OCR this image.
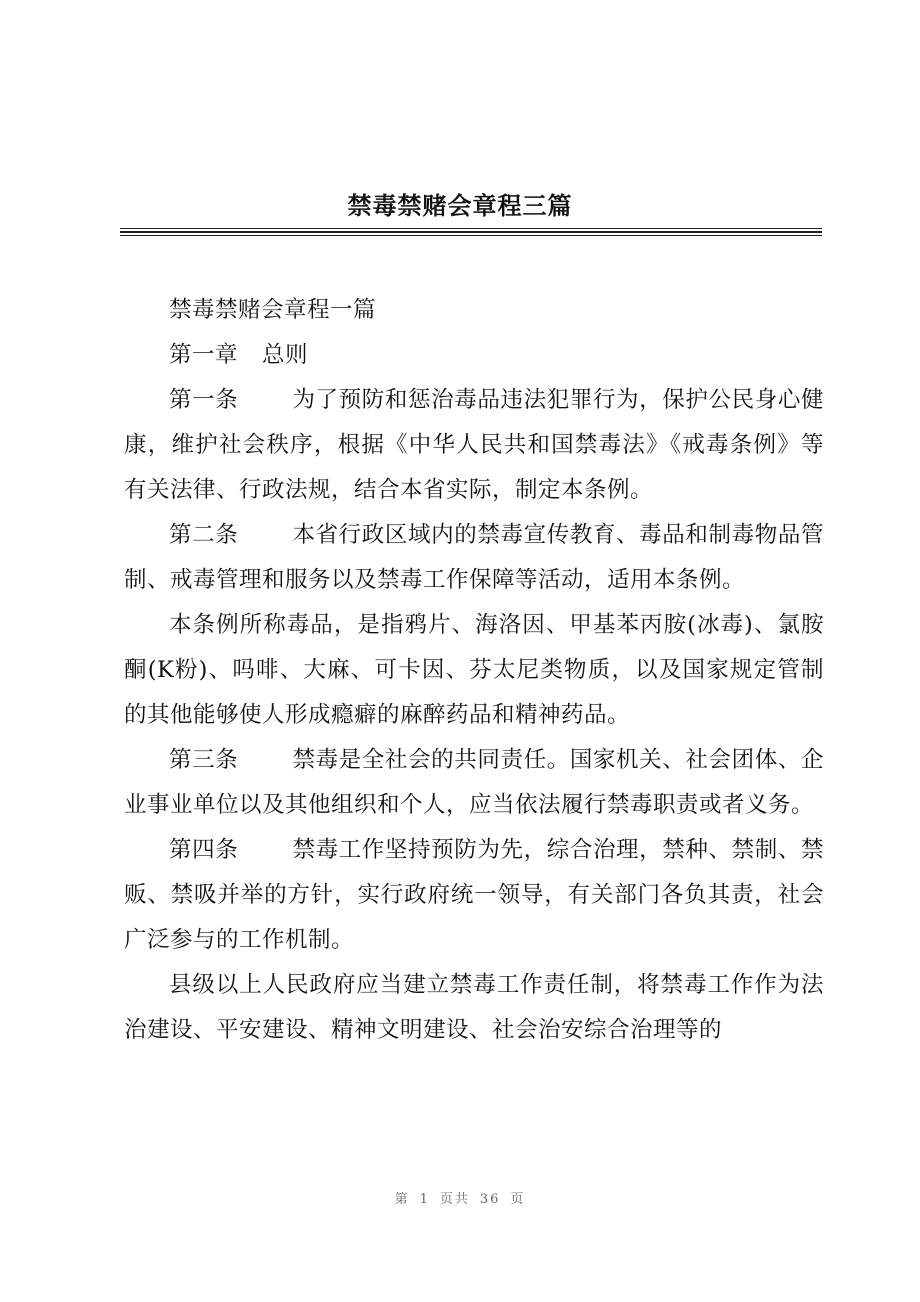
禁毒禁赌会章程三篇

禁毒禁赌会章程一篇

第一章 总则

第一条 为了预防和惩治毒品违法犯罪行为，保护公民身心健康，维护社会秩序，根据《中华人民共和国禁毒法》《戒毒条例》等有关法律、行政法规，结合本省实际，制定本条例。

第二条 本省行政区域内的禁毒宣传教育、毒品和制毒物品管制、戒毒管理和服务以及禁毒工作保障等活动，适用本条例。

本条例所称毒品，是指鸦片、海洛因、甲基苯丙胺(冰毒)、氯胺酮(K粉)、吗啡、大麻、可卡因、芬太尼类物质，以及国家规定管制的其他能够使人形成瘾癖的麻醉药品和精神药品。

第三条 禁毒是全社会的共同责任。国家机关、社会团体、企业事业单位以及其他组织和个人，应当依法履行禁毒职责或者义务。

第四条 禁毒工作坚持预防为先，综合治理，禁种、禁制、禁贩、禁吸并举的方针，实行政府统一领导，有关部门各负其责，社会广泛参与的工作机制。

县级以上人民政府应当建立禁毒工作责任制，将禁毒工作作为法治建设、平安建设、精神文明建设、社会治安综合治理等的

第 1 页共 36 页
